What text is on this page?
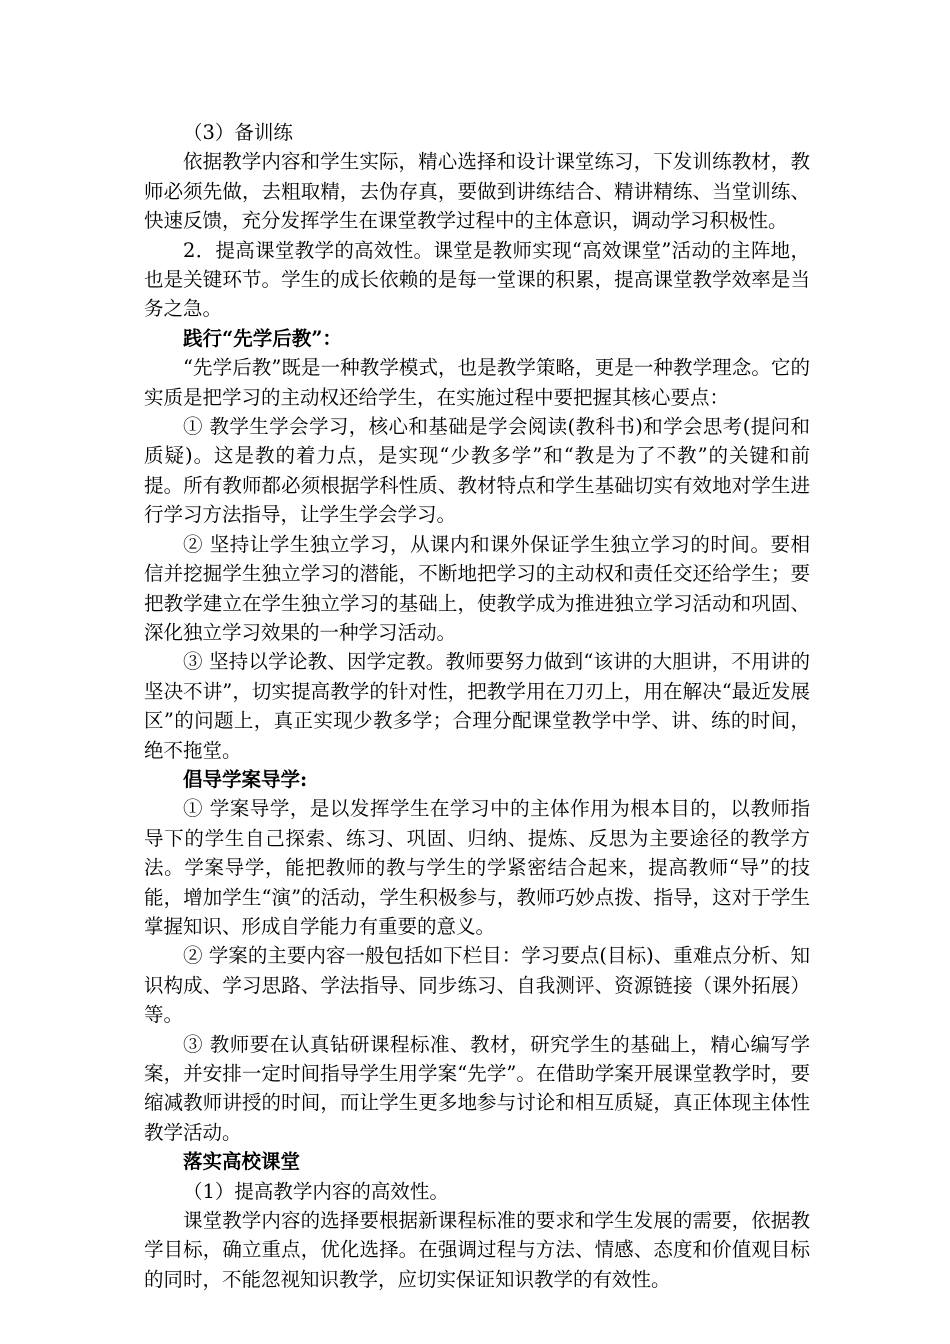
（3）备训练

依据教学内容和学生实际，精心选择和设计课堂练习，下发训练教材，教师必须先做，去粗取精，去伪存真，要做到讲练结合、精讲精练、当堂训练、快速反馈，充分发挥学生在课堂教学过程中的主体意识，调动学习积极性。

2．提高课堂教学的高效性。课堂是教师实现“高效课堂”活动的主阵地，也是关键环节。学生的成长依赖的是每一堂课的积累，提高课堂教学效率是当务之急。

践行“先学后教”：

“先学后教”既是一种教学模式，也是教学策略，更是一种教学理念。它的实质是把学习的主动权还给学生，在实施过程中要把握其核心要点：

① 教学生学会学习，核心和基础是学会阅读(教科书)和学会思考(提问和质疑)。这是教的着力点，是实现“少教多学”和“教是为了不教”的关键和前提。所有教师都必须根据学科性质、教材特点和学生基础切实有效地对学生进行学习方法指导，让学生学会学习。

② 坚持让学生独立学习，从课内和课外保证学生独立学习的时间。要相信并挖掘学生独立学习的潜能，不断地把学习的主动权和责任交还给学生；要把教学建立在学生独立学习的基础上，使教学成为推进独立学习活动和巩固、深化独立学习效果的一种学习活动。

③ 坚持以学论教、因学定教。教师要努力做到“该讲的大胆讲，不用讲的坚决不讲”，切实提高教学的针对性，把教学用在刀刃上，用在解决“最近发展区”的问题上，真正实现少教多学；合理分配课堂教学中学、讲、练的时间，绝不拖堂。

倡导学案导学:

① 学案导学，是以发挥学生在学习中的主体作用为根本目的，以教师指导下的学生自己探索、练习、巩固、归纳、提炼、反思为主要途径的教学方法。学案导学，能把教师的教与学生的学紧密结合起来，提高教师“导”的技能，增加学生“演”的活动，学生积极参与，教师巧妙点拨、指导，这对于学生掌握知识、形成自学能力有重要的意义。

② 学案的主要内容一般包括如下栏目：学习要点(目标)、重难点分析、知识构成、学习思路、学法指导、同步练习、自我测评、资源链接（课外拓展）等。

③ 教师要在认真钻研课程标准、教材，研究学生的基础上，精心编写学案，并安排一定时间指导学生用学案“先学”。在借助学案开展课堂教学时，要缩减教师讲授的时间，而让学生更多地参与讨论和相互质疑，真正体现主体性教学活动。

落实高校课堂

（1）提高教学内容的高效性。

课堂教学内容的选择要根据新课程标准的要求和学生发展的需要，依据教学目标，确立重点，优化选择。在强调过程与方法、情感、态度和价值观目标的同时，不能忽视知识教学，应切实保证知识教学的有效性。
